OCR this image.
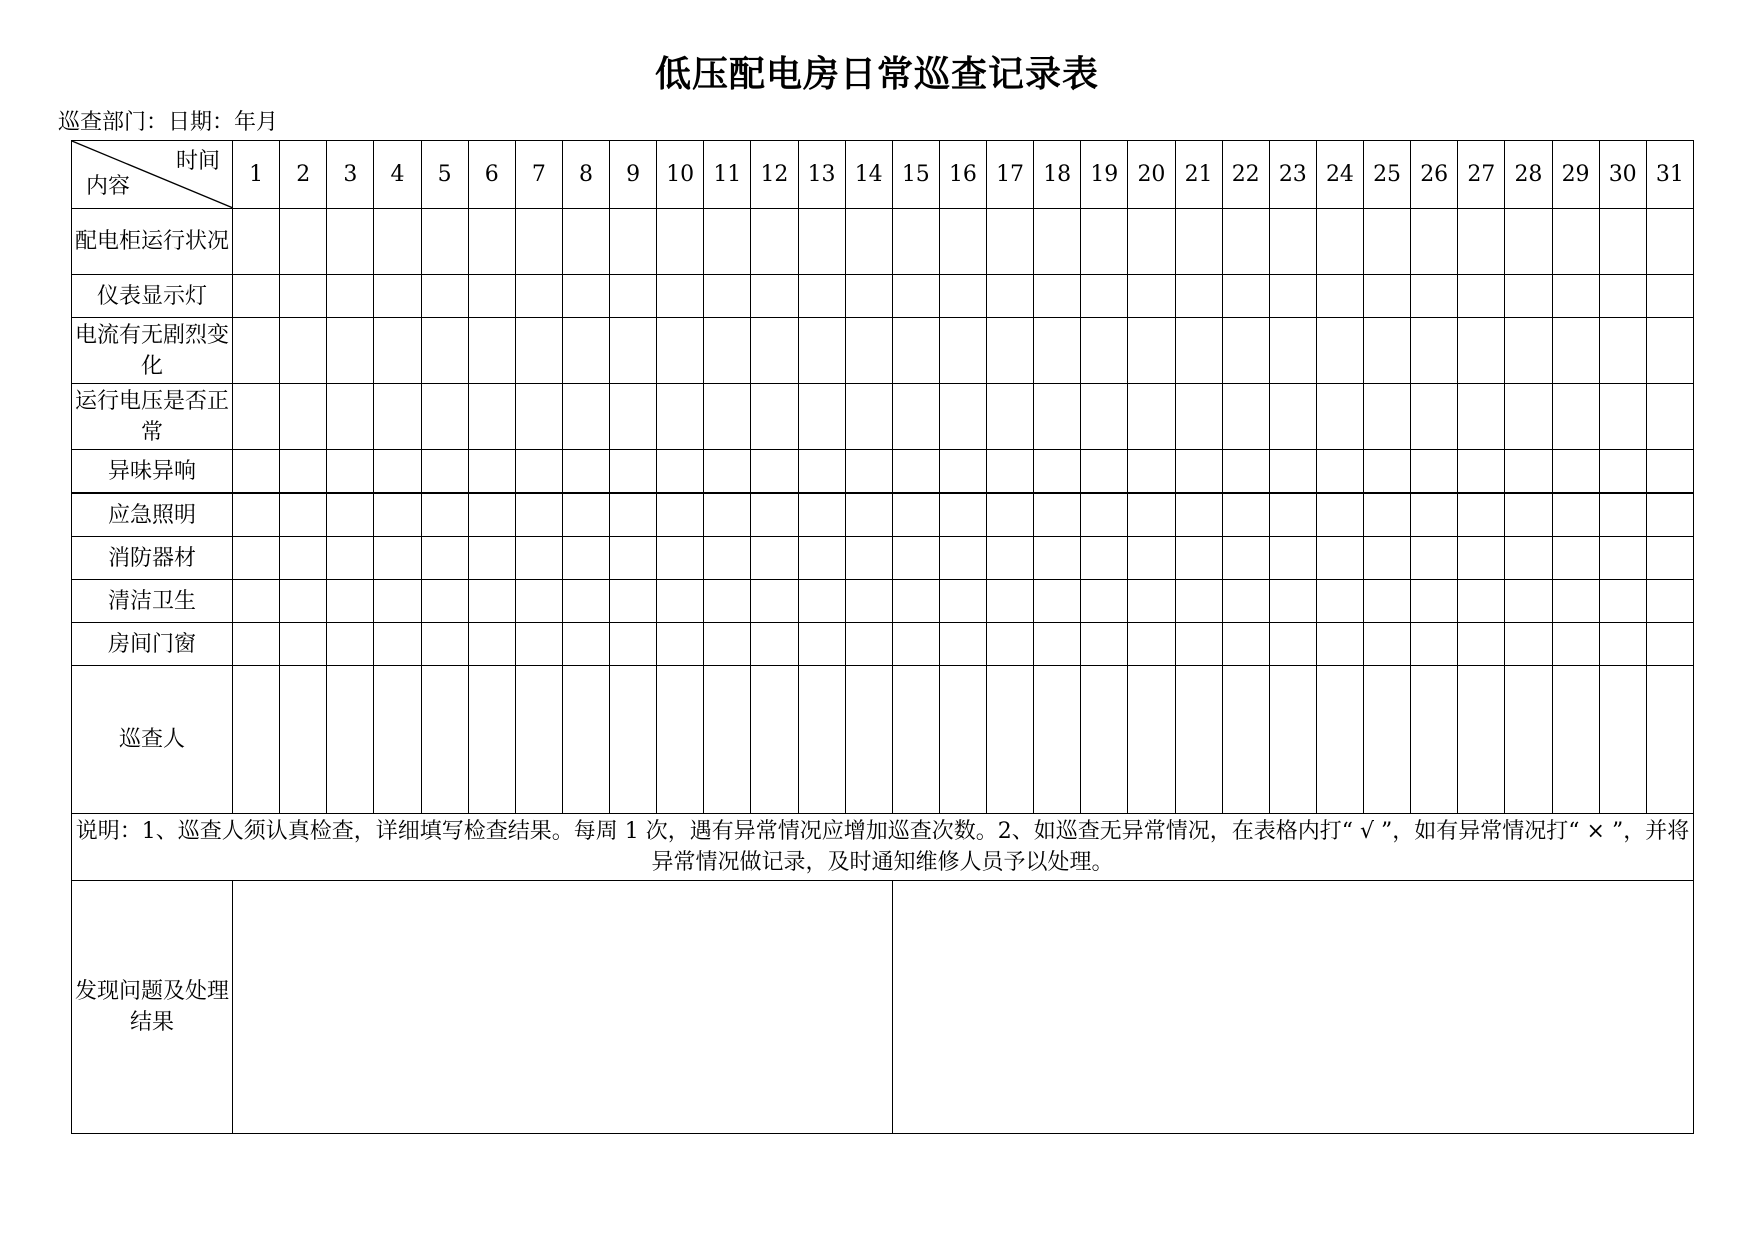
低压配电房日常巡查记录表
巡查部门：日期：年月
时间
内容	1	2	3	4	5	6	7	8	9	10	11	12	13	14	15	16	17	18	19	20	21	22	23	24	25	26	27	28	29	30	31
配电柜运行状况																															
仪表显示灯																															
电流有无剧烈变化																															
运行电压是否正常																															
异味异响																															
应急照明																															
消防器材																															
清洁卫生																															
房间门窗																															
巡查人																															
说明：1、巡查人须认真检查，详细填写检查结果。每周 1 次，遇有异常情况应增加巡查次数。2、如巡查无异常情况，在表格内打“ √ ”，如有异常情况打“ × ”，并将异常情况做记录，及时通知维修人员予以处理。																															
发现问题及处理结果																															
